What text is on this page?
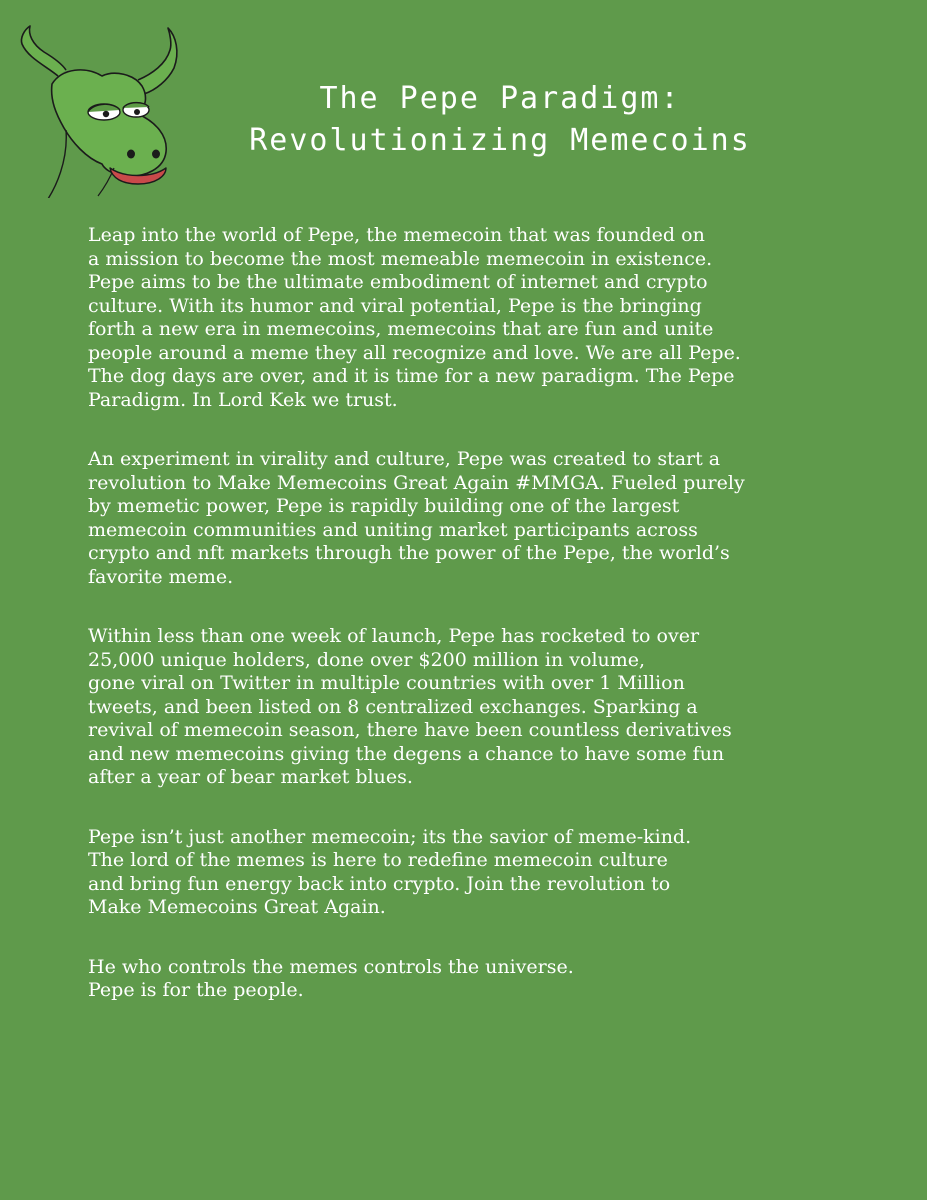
The Pepe Paradigm:
Revolutionizing Memecoins

Leap into the world of Pepe, the memecoin that was founded on
a mission to become the most memeable memecoin in existence.
Pepe aims to be the ultimate embodiment of internet and crypto
culture. With its humor and viral potential, Pepe is the bringing
forth a new era in memecoins, memecoins that are fun and unite
people around a meme they all recognize and love. We are all Pepe.
The dog days are over, and it is time for a new paradigm. The Pepe
Paradigm. In Lord Kek we trust.

An experiment in virality and culture, Pepe was created to start a
revolution to Make Memecoins Great Again #MMGA. Fueled purely
by memetic power, Pepe is rapidly building one of the largest
memecoin communities and uniting market participants across
crypto and nft markets through the power of the Pepe, the world’s
favorite meme.

Within less than one week of launch, Pepe has rocketed to over
25,000 unique holders, done over $200 million in volume,
gone viral on Twitter in multiple countries with over 1 Million
tweets, and been listed on 8 centralized exchanges. Sparking a
revival of memecoin season, there have been countless derivatives
and new memecoins giving the degens a chance to have some fun
after a year of bear market blues.

Pepe isn’t just another memecoin; its the savior of meme-kind.
The lord of the memes is here to redefine memecoin culture
and bring fun energy back into crypto. Join the revolution to
Make Memecoins Great Again.

He who controls the memes controls the universe.
Pepe is for the people.
